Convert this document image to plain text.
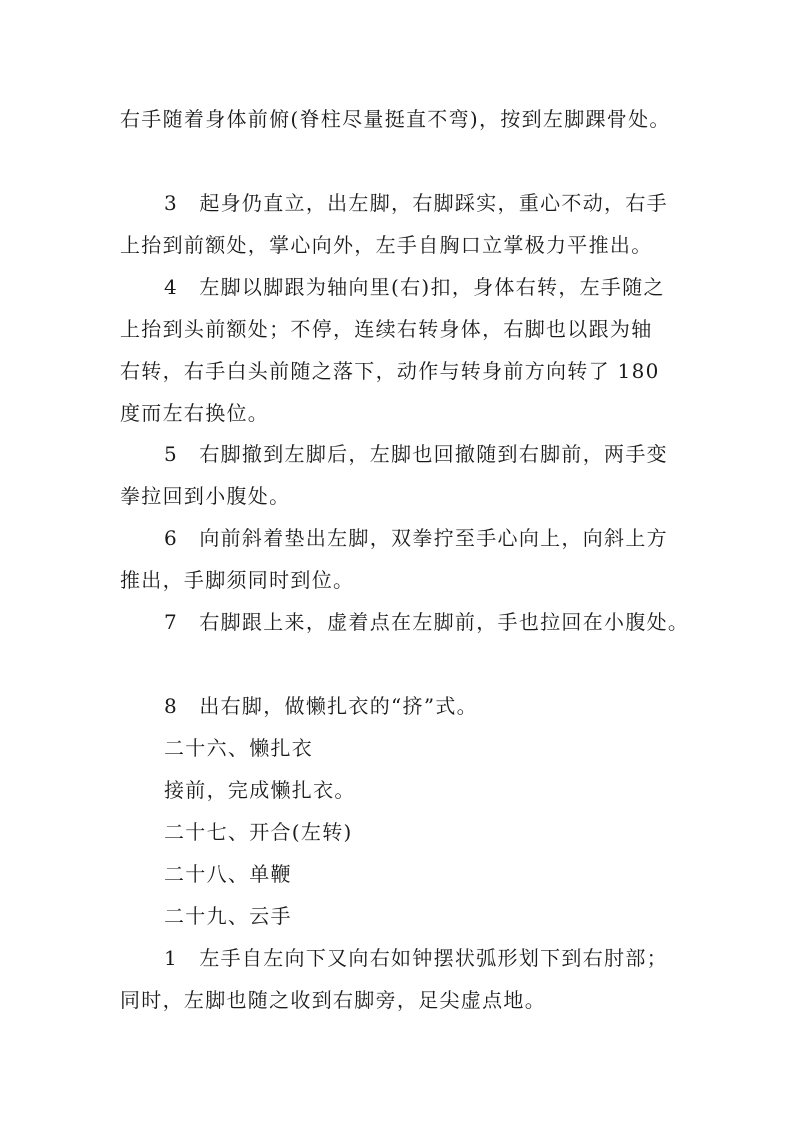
右手随着身体前俯(脊柱尽量挺直不弯)，按到左脚踝骨处。
3　起身仍直立，出左脚，右脚踩实，重心不动，右手
上抬到前额处，掌心向外，左手自胸口立掌极力平推出。
4　左脚以脚跟为轴向里(右)扣，身体右转，左手随之
上抬到头前额处；不停，连续右转身体，右脚也以跟为轴
右转，右手白头前随之落下，动作与转身前方向转了 180
度而左右换位。
5　右脚撤到左脚后，左脚也回撤随到右脚前，两手变
拳拉回到小腹处。
6　向前斜着垫出左脚，双拳拧至手心向上，向斜上方
推出，手脚须同时到位。
7　右脚跟上来，虚着点在左脚前，手也拉回在小腹处。
8　出右脚，做懒扎衣的“挤”式。
二十六、懒扎衣
接前，完成懒扎衣。
二十七、开合(左转)
二十八、单鞭
二十九、云手
1　左手自左向下又向右如钟摆状弧形划下到右肘部；
同时，左脚也随之收到右脚旁，足尖虚点地。
